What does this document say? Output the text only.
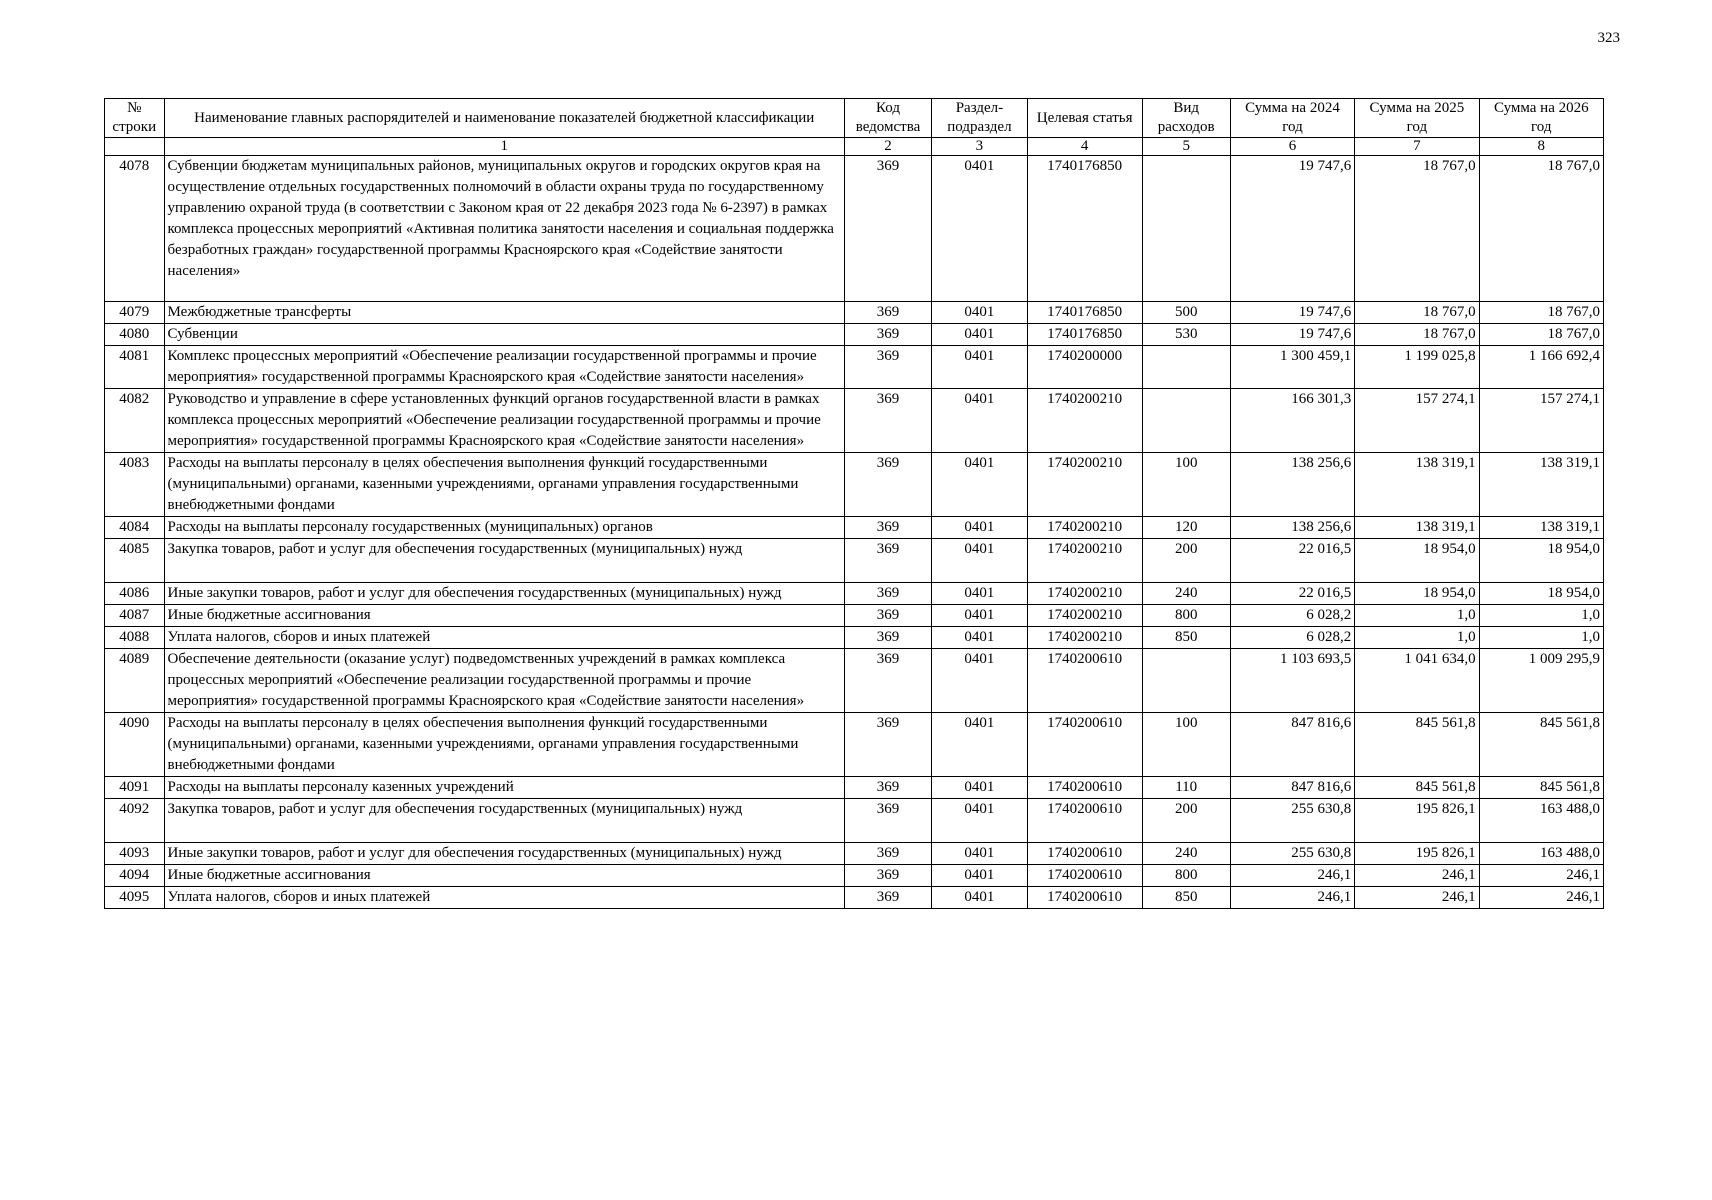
323
№ строки	Наименование главных распорядителей и наименование показателей бюджетной классификации	Код ведомства	Раздел-подраздел	Целевая статья	Вид расходов	Сумма на 2024 год	Сумма на 2025 год	Сумма на 2026 год
	1	2	3	4	5	6	7	8
4078	Субвенции бюджетам муниципальных районов, муниципальных округов и городских округов края на осуществление отдельных государственных полномочий в области охраны труда по государственному управлению охраной труда (в соответствии с Законом края от 22 декабря 2023 года № 6-2397) в рамках комплекса процессных мероприятий «Активная политика занятости населения и социальная поддержка безработных граждан» государственной программы Красноярского края «Содействие занятости населения»	369	0401	1740176850		19 747,6	18 767,0	18 767,0
4079	Межбюджетные трансферты	369	0401	1740176850	500	19 747,6	18 767,0	18 767,0
4080	Субвенции	369	0401	1740176850	530	19 747,6	18 767,0	18 767,0
4081	Комплекс процессных мероприятий «Обеспечение реализации государственной программы и прочие мероприятия» государственной программы Красноярского края «Содействие занятости населения»	369	0401	1740200000		1 300 459,1	1 199 025,8	1 166 692,4
4082	Руководство и управление в сфере установленных функций органов государственной власти в рамках комплекса процессных мероприятий «Обеспечение реализации государственной программы и прочие мероприятия» государственной программы Красноярского края «Содействие занятости населения»	369	0401	1740200210		166 301,3	157 274,1	157 274,1
4083	Расходы на выплаты персоналу в целях обеспечения выполнения функций государственными (муниципальными) органами, казенными учреждениями, органами управления государственными внебюджетными фондами	369	0401	1740200210	100	138 256,6	138 319,1	138 319,1
4084	Расходы на выплаты персоналу государственных (муниципальных) органов	369	0401	1740200210	120	138 256,6	138 319,1	138 319,1
4085	Закупка товаров, работ и услуг для обеспечения государственных (муниципальных) нужд	369	0401	1740200210	200	22 016,5	18 954,0	18 954,0
4086	Иные закупки товаров, работ и услуг для обеспечения государственных (муниципальных) нужд	369	0401	1740200210	240	22 016,5	18 954,0	18 954,0
4087	Иные бюджетные ассигнования	369	0401	1740200210	800	6 028,2	1,0	1,0
4088	Уплата налогов, сборов и иных платежей	369	0401	1740200210	850	6 028,2	1,0	1,0
4089	Обеспечение деятельности (оказание услуг) подведомственных учреждений в рамках комплекса процессных мероприятий «Обеспечение реализации государственной программы и прочие мероприятия» государственной программы Красноярского края «Содействие занятости населения»	369	0401	1740200610		1 103 693,5	1 041 634,0	1 009 295,9
4090	Расходы на выплаты персоналу в целях обеспечения выполнения функций государственными (муниципальными) органами, казенными учреждениями, органами управления государственными внебюджетными фондами	369	0401	1740200610	100	847 816,6	845 561,8	845 561,8
4091	Расходы на выплаты персоналу казенных учреждений	369	0401	1740200610	110	847 816,6	845 561,8	845 561,8
4092	Закупка товаров, работ и услуг для обеспечения государственных (муниципальных) нужд	369	0401	1740200610	200	255 630,8	195 826,1	163 488,0
4093	Иные закупки товаров, работ и услуг для обеспечения государственных (муниципальных) нужд	369	0401	1740200610	240	255 630,8	195 826,1	163 488,0
4094	Иные бюджетные ассигнования	369	0401	1740200610	800	246,1	246,1	246,1
4095	Уплата налогов, сборов и иных платежей	369	0401	1740200610	850	246,1	246,1	246,1
